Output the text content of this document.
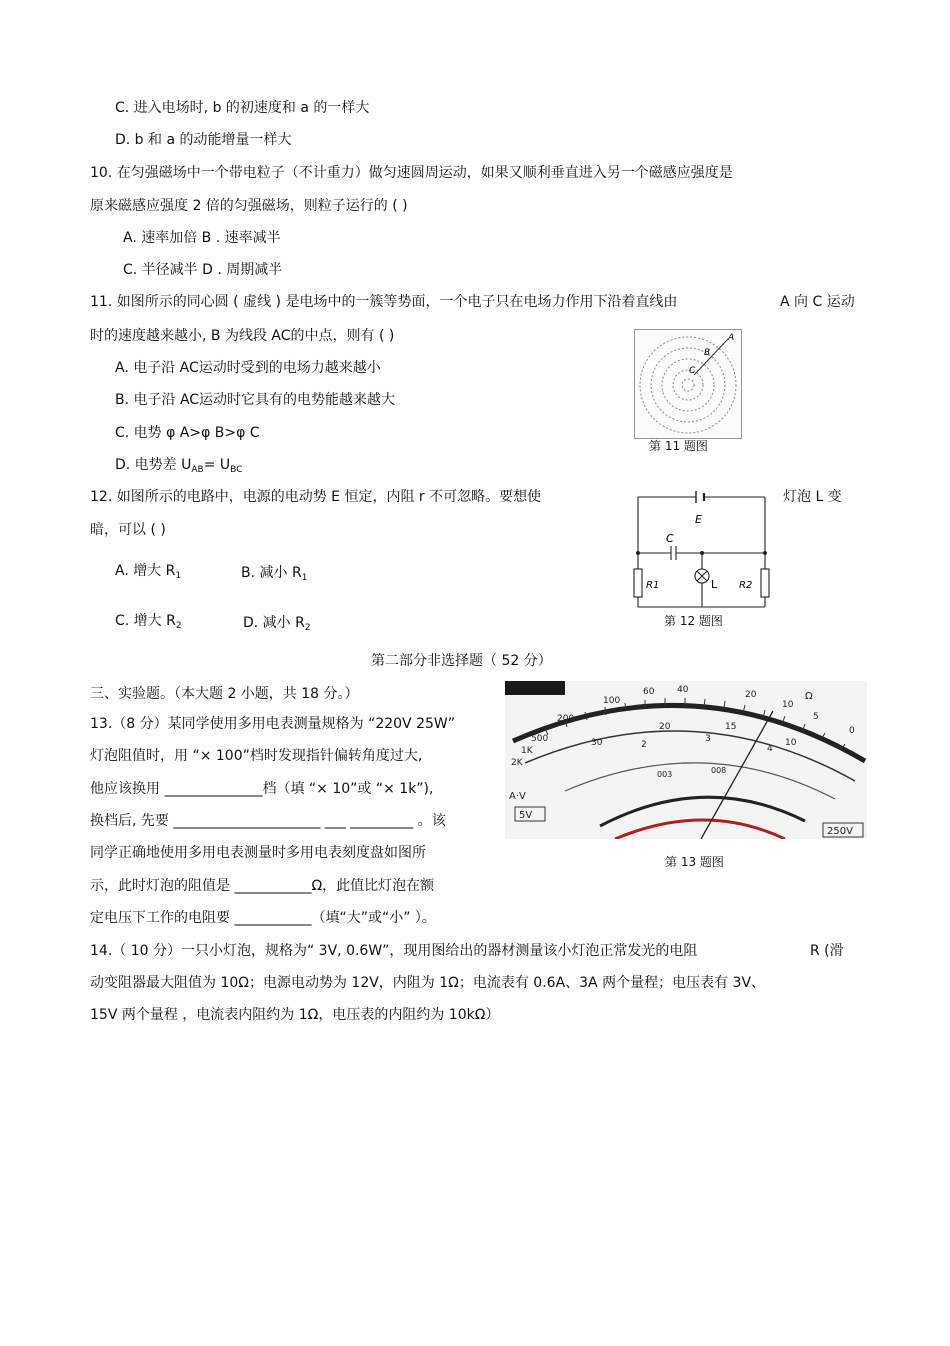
C. 进入电场时, b 的初速度和 a 的一样大
D. b 和 a 的动能增量一样大
10. 在匀强磁场中一个带电粒子（不计重力）做匀速圆周运动，如果又顺利垂直进入另一个磁感应强度是
原来磁感应强度 2 倍的匀强磁场，则粒子运行的 ( )
A. 速率加倍 B . 速率减半
C. 半径减半 D . 周期减半
11. 如图所示的同心圆 ( 虚线 ) 是电场中的一簇等势面，一个电子只在电场力作用下沿着直线由	A 向 C 运动
时的速度越来越小, B 为线段 AC的中点，则有 ( )
A. 电子沿 AC运动时受到的电场力越来越小
B. 电子沿 AC运动时它具有的电势能越来越大
C. 电势 φ A>φ B>φ C
D. 电势差 $U_{AB}= U_{BC}$
A
B
C
第 11 题图
12. 如图所示的电路中，电源的电动势 E 恒定，内阻 r 不可忽略。要想使	灯泡 L 变
暗，可以 ( )
A. 增大 $R_1$	B. 减小 $R_1$
C. 增大 $R_2$	D. 减小 $R_2$
E
C
R1	L R2
第 12 题图
第二部分非选择题（ 52 分）
三、实验题。（本大题 2 小题，共 18 分。）
13.（8 分）某同学使用多用电表测量规格为 “220V 25W”
灯泡阻值时，用 “× 100”档时发现指针偏转角度过大,
他应该换用 ______________档（填 “× 10”或 “× 1k”),
换档后, 先要 _____________________ ___ _________ 。该
同学正确地使用多用电表测量时多用电表刻度盘如图所
示，此时灯泡的阻值是 ___________Ω，此值比灯泡在额
定电压下工作的电阻要 ___________（填“大”或“小” ）。
200
100
60	40	20
10
5
0
500
1K
2K
30
20	15
10
2
3
4
003	008
A·V
5V
250V
Ω
第 13 题图
14.（ 10 分）一只小灯泡，规格为“ 3V, 0.6W”，现用图给出的器材测量该小灯泡正常发光的电阻	R (滑
动变阻器最大阻值为 10Ω；电源电动势为 12V，内阻为 1Ω；电流表有 0.6A、3A 两个量程；电压表有 3V、
15V 两个量程 ，电流表内阻约为 1Ω，电压表的内阻约为 10kΩ）
